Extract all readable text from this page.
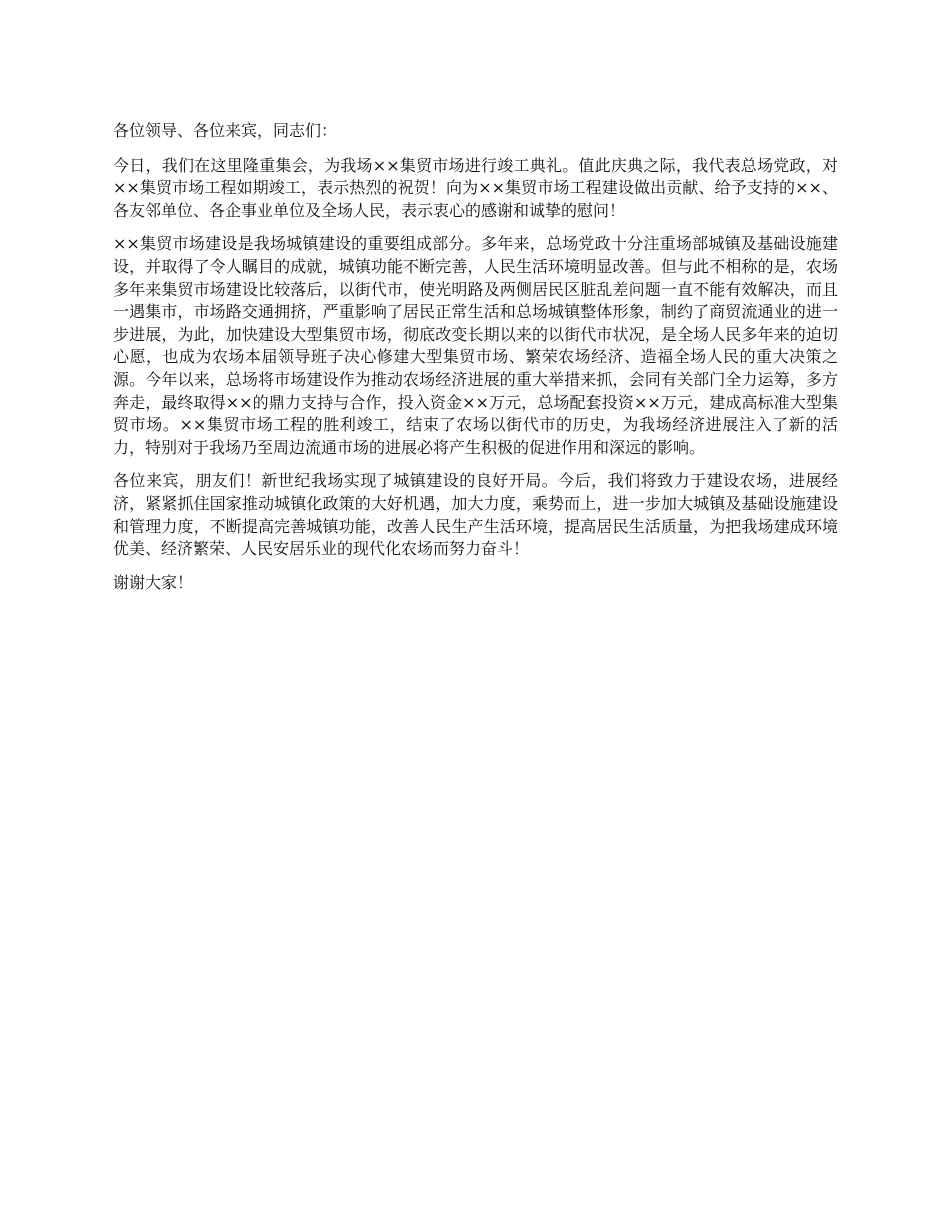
各位领导、各位来宾，同志们：

今日，我们在这里隆重集会，为我场××集贸市场进行竣工典礼。值此庆典之际，我代表总场党政，对××集贸市场工程如期竣工，表示热烈的祝贺！向为××集贸市场工程建设做出贡献、给予支持的××、各友邻单位、各企事业单位及全场人民，表示衷心的感谢和诚挚的慰问！

××集贸市场建设是我场城镇建设的重要组成部分。多年来，总场党政十分注重场部城镇及基础设施建设，并取得了令人瞩目的成就，城镇功能不断完善，人民生活环境明显改善。但与此不相称的是，农场多年来集贸市场建设比较落后，以街代市，使光明路及两侧居民区脏乱差问题一直不能有效解决，而且一遇集市，市场路交通拥挤，严重影响了居民正常生活和总场城镇整体形象，制约了商贸流通业的进一步进展，为此，加快建设大型集贸市场，彻底改变长期以来的以街代市状况，是全场人民多年来的迫切心愿，也成为农场本届领导班子决心修建大型集贸市场、繁荣农场经济、造福全场人民的重大决策之源。今年以来，总场将市场建设作为推动农场经济进展的重大举措来抓，会同有关部门全力运筹，多方奔走，最终取得××的鼎力支持与合作，投入资金××万元，总场配套投资××万元，建成高标准大型集贸市场。××集贸市场工程的胜利竣工，结束了农场以街代市的历史，为我场经济进展注入了新的活力，特别对于我场乃至周边流通市场的进展必将产生积极的促进作用和深远的影响。

各位来宾，朋友们！新世纪我场实现了城镇建设的良好开局。今后，我们将致力于建设农场，进展经济，紧紧抓住国家推动城镇化政策的大好机遇，加大力度，乘势而上，进一步加大城镇及基础设施建设和管理力度，不断提高完善城镇功能，改善人民生产生活环境，提高居民生活质量，为把我场建成环境优美、经济繁荣、人民安居乐业的现代化农场而努力奋斗！

谢谢大家！
